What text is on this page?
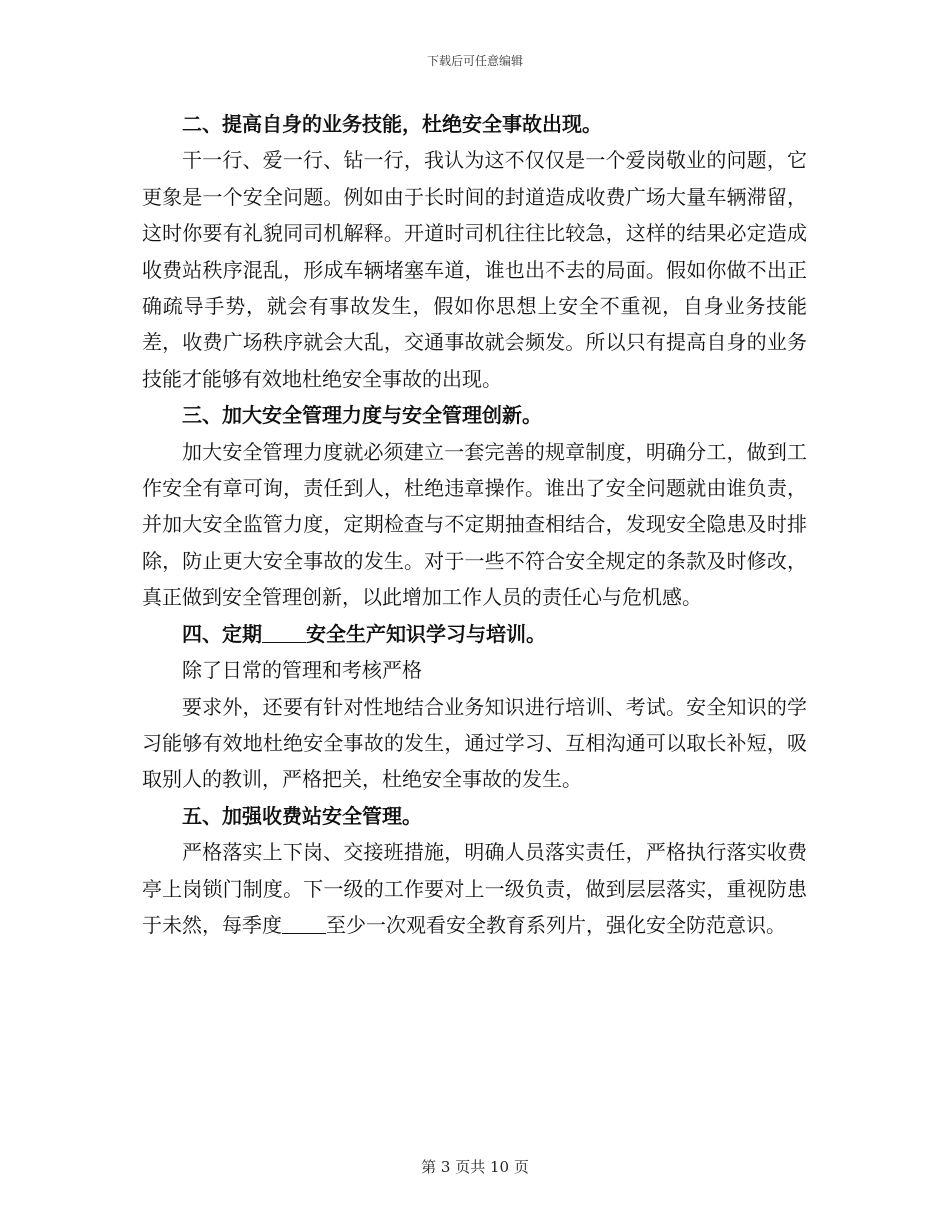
下载后可任意编辑

二、提高自身的业务技能，杜绝安全事故出现。

干一行、爱一行、钻一行，我认为这不仅仅是一个爱岗敬业的问题，它更象是一个安全问题。例如由于长时间的封道造成收费广场大量车辆滞留，这时你要有礼貌同司机解释。开道时司机往往比较急，这样的结果必定造成收费站秩序混乱，形成车辆堵塞车道，谁也出不去的局面。假如你做不出正确疏导手势，就会有事故发生，假如你思想上安全不重视，自身业务技能差，收费广场秩序就会大乱，交通事故就会频发。所以只有提高自身的业务技能才能够有效地杜绝安全事故的出现。

三、加大安全管理力度与安全管理创新。

加大安全管理力度就必须建立一套完善的规章制度，明确分工，做到工作安全有章可询，责任到人，杜绝违章操作。谁出了安全问题就由谁负责，并加大安全监管力度，定期检查与不定期抽查相结合，发现安全隐患及时排除，防止更大安全事故的发生。对于一些不符合安全规定的条款及时修改，真正做到安全管理创新，以此增加工作人员的责任心与危机感。

四、定期 安全生产知识学习与培训。

除了日常的管理和考核严格

要求外，还要有针对性地结合业务知识进行培训、考试。安全知识的学习能够有效地杜绝安全事故的发生，通过学习、互相沟通可以取长补短，吸取别人的教训，严格把关，杜绝安全事故的发生。

五、加强收费站安全管理。

严格落实上下岗、交接班措施，明确人员落实责任，严格执行落实收费亭上岗锁门制度。下一级的工作要对上一级负责，做到层层落实，重视防患于未然，每季度 至少一次观看安全教育系列片，强化安全防范意识。

第 3 页共 10 页
